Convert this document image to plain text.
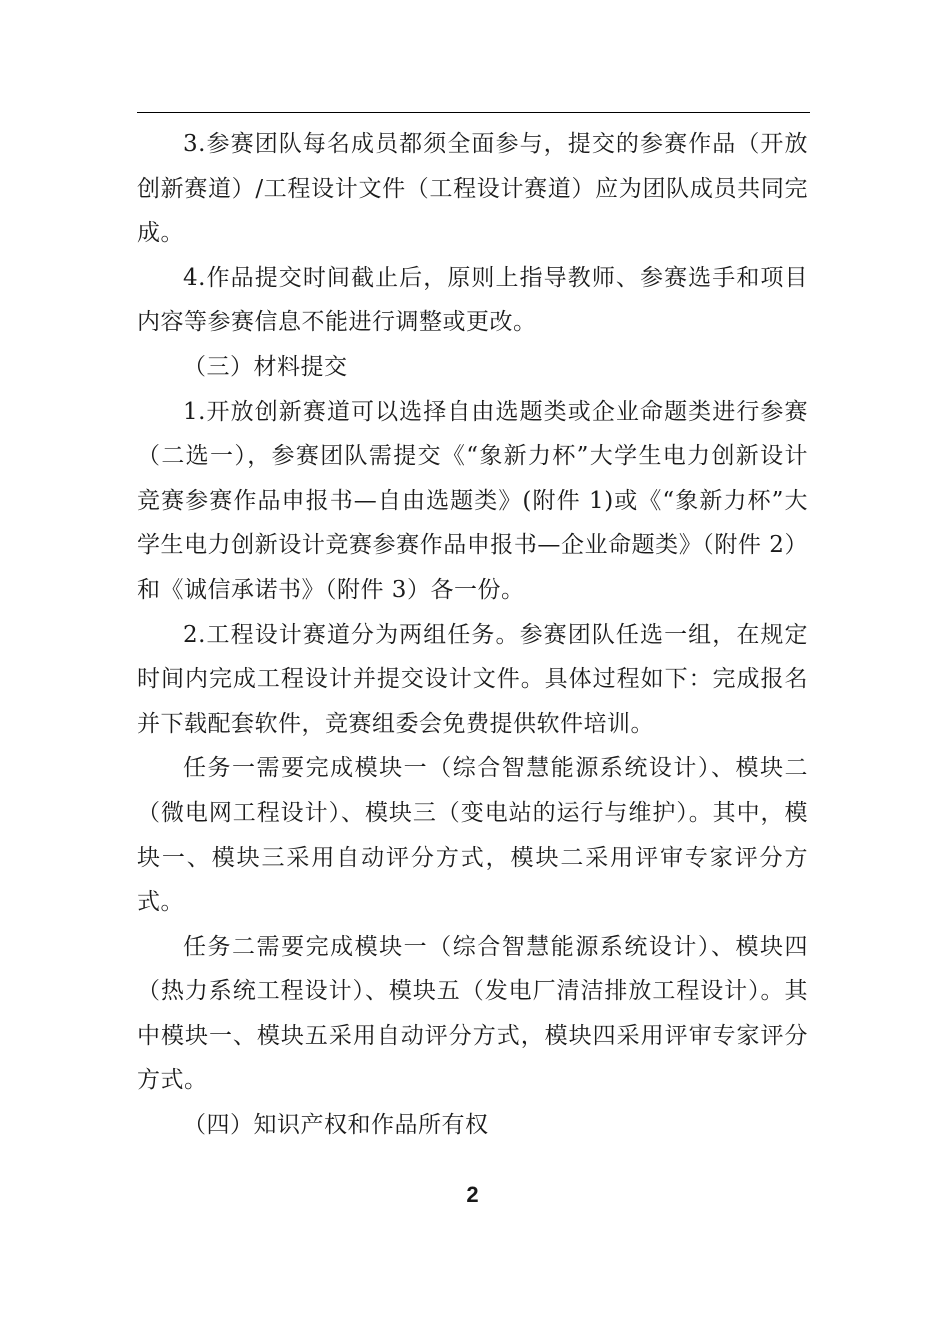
3.参赛团队每名成员都须全面参与，提交的参赛作品（开放创新赛道）/工程设计文件（工程设计赛道）应为团队成员共同完成。

4.作品提交时间截止后，原则上指导教师、参赛选手和项目内容等参赛信息不能进行调整或更改。

（三）材料提交

1.开放创新赛道可以选择自由选题类或企业命题类进行参赛（二选一），参赛团队需提交《“象新力杯”大学生电力创新设计竞赛参赛作品申报书—自由选题类》(附件 1)或《“象新力杯”大学生电力创新设计竞赛参赛作品申报书—企业命题类》（附件 2）和《诚信承诺书》（附件 3）各一份。

2.工程设计赛道分为两组任务。参赛团队任选一组，在规定时间内完成工程设计并提交设计文件。具体过程如下：完成报名并下载配套软件，竞赛组委会免费提供软件培训。

任务一需要完成模块一（综合智慧能源系统设计）、模块二（微电网工程设计）、模块三（变电站的运行与维护）。其中，模块一、模块三采用自动评分方式，模块二采用评审专家评分方式。

任务二需要完成模块一（综合智慧能源系统设计）、模块四（热力系统工程设计）、模块五（发电厂清洁排放工程设计）。其中模块一、模块五采用自动评分方式，模块四采用评审专家评分方式。

（四）知识产权和作品所有权

2
